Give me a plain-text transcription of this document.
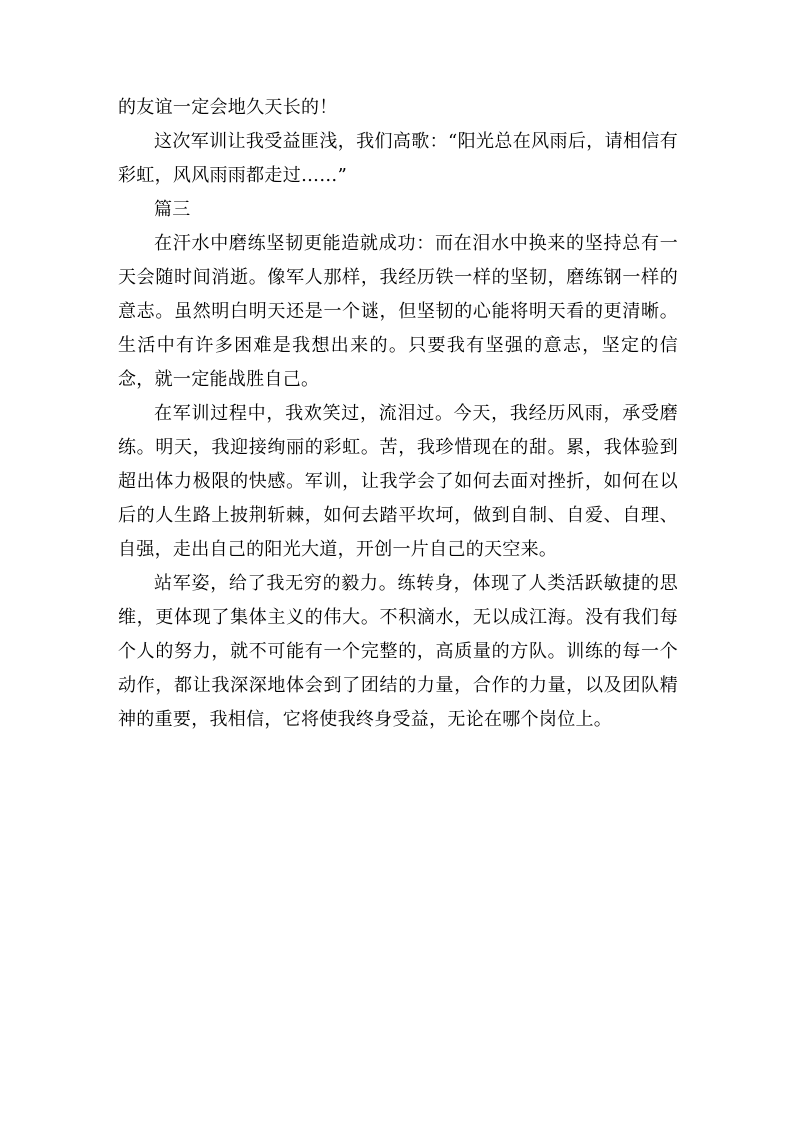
的友谊一定会地久天长的！

这次军训让我受益匪浅，我们高歌：“阳光总在风雨后，请相信有彩虹，风风雨雨都走过……”

篇三

在汗水中磨练坚韧更能造就成功：而在泪水中换来的坚持总有一天会随时间消逝。像军人那样，我经历铁一样的坚韧，磨练钢一样的意志。虽然明白明天还是一个谜，但坚韧的心能将明天看的更清晰。生活中有许多困难是我想出来的。只要我有坚强的意志，坚定的信念，就一定能战胜自己。

在军训过程中，我欢笑过，流泪过。今天，我经历风雨，承受磨练。明天，我迎接绚丽的彩虹。苦，我珍惜现在的甜。累，我体验到超出体力极限的快感。军训，让我学会了如何去面对挫折，如何在以后的人生路上披荆斩棘，如何去踏平坎坷，做到自制、自爱、自理、自强，走出自己的阳光大道，开创一片自己的天空来。

站军姿，给了我无穷的毅力。练转身，体现了人类活跃敏捷的思维，更体现了集体主义的伟大。不积滴水，无以成江海。没有我们每个人的努力，就不可能有一个完整的，高质量的方队。训练的每一个动作，都让我深深地体会到了团结的力量，合作的力量，以及团队精神的重要，我相信，它将使我终身受益，无论在哪个岗位上。
